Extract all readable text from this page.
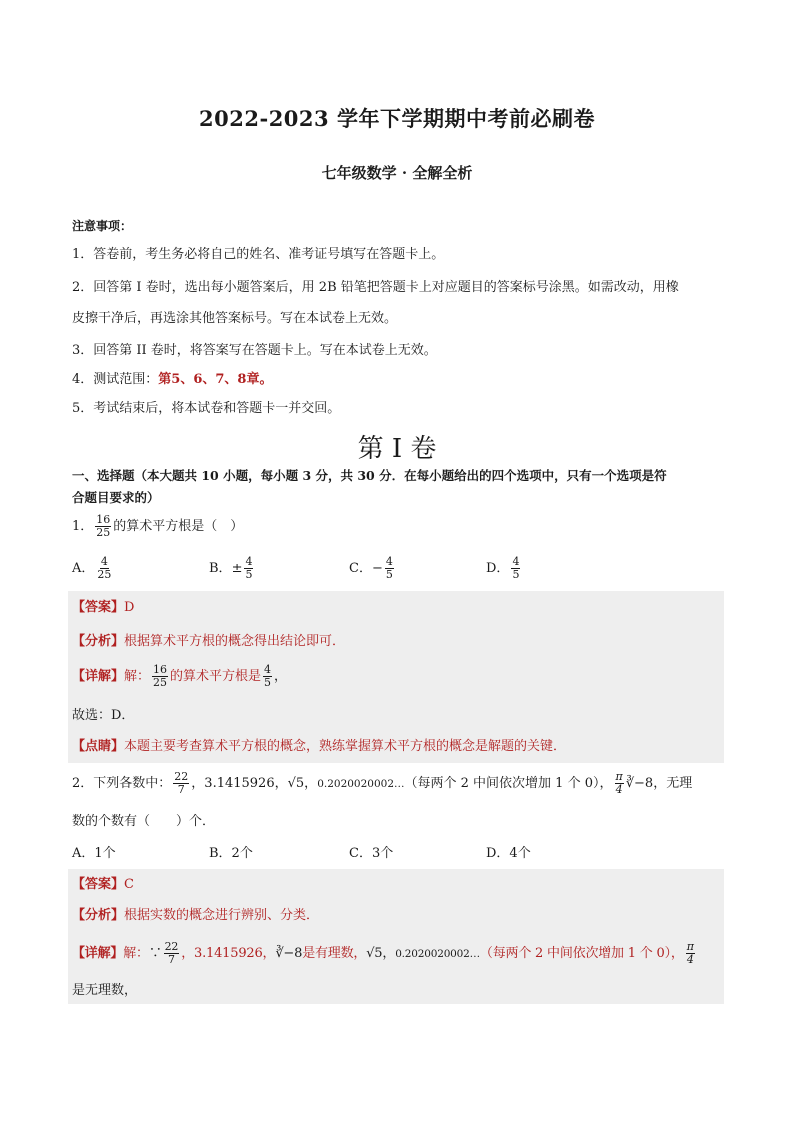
2022-2023 学年下学期期中考前必刷卷
七年级数学 · 全解全析
注意事项：
1．答卷前，考生务必将自己的姓名、准考证号填写在答题卡上。
2．回答第 I 卷时，选出每小题答案后，用 2B 铅笔把答题卡上对应题目的答案标号涂黑。如需改动，用橡
皮擦干净后，再选涂其他答案标号。写在本试卷上无效。
3．回答第 II 卷时，将答案写在答题卡上。写在本试卷上无效。
4．测试范围：第5、6、7、8章。
5．考试结束后，将本试卷和答题卡一并交回。
第 I 卷
一、选择题（本大题共 10 小题，每小题 3 分，共 30 分．在每小题给出的四个选项中，只有一个选项是符
合题目要求的）
1． $\frac{16}{25}$ 的算术平方根是（　）
A． $\frac{4}{25}$	B．± $\frac{4}{5}$	C．− $\frac{4}{5}$	D． $\frac{4}{5}$
【答案】D
【分析】根据算术平方根的概念得出结论即可．
【详解】解： $\frac{16}{25}$ 的算术平方根是 $\frac{4}{5}$ ，
故选：D．
【点睛】本题主要考查算术平方根的概念，熟练掌握算术平方根的概念是解题的关键．
2．下列各数中： $\frac{22}{7}$ ，3.1415926，√5，0.2020020002…（每两个 2 中间依次增加 1 个 0）， $\frac{\pi}{4}$ ∛−8，无理
数的个数有（　　）个．
A．1个	B．2个	C．3个	D．4个
【答案】C
【分析】根据实数的概念进行辨别、分类．
【详解】解：∵ $\frac{22}{7}$ ，3.1415926，∛−8是有理数，√5，0.2020020002…（每两个 2 中间依次增加 1 个 0）， $\frac{\pi}{4}$
是无理数，
